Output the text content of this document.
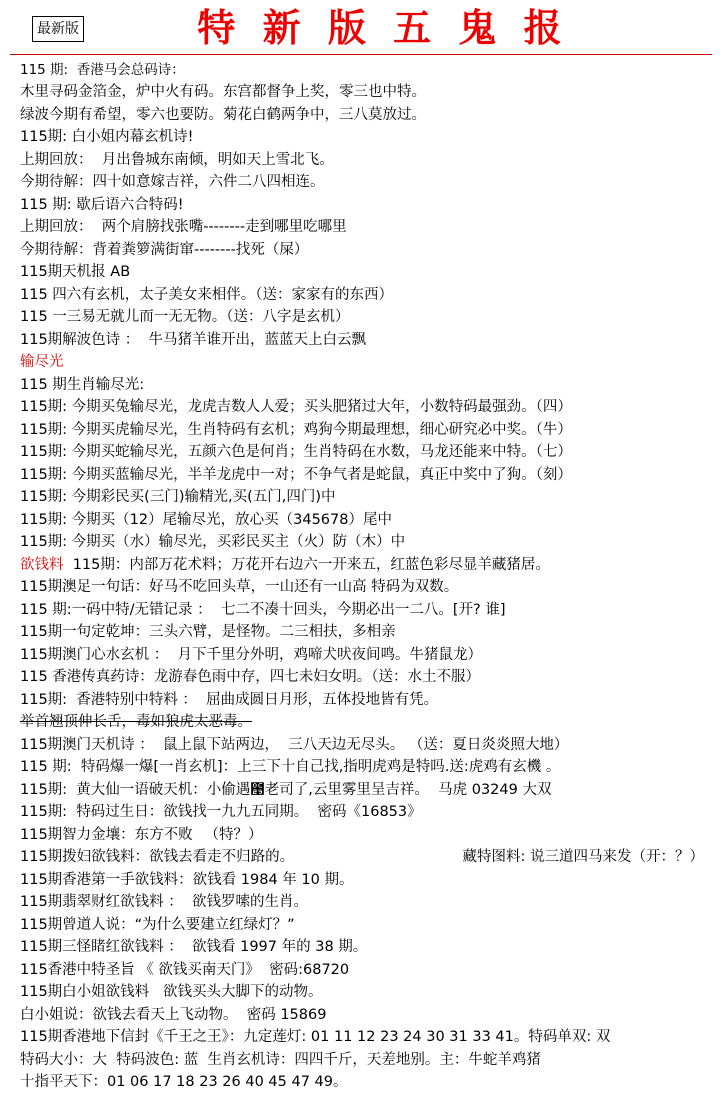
最新版	特 新 版 五 鬼 报
115 期:  香港马会总码诗：
木里寻码金箔金，炉中火有码。东宫都督争上奖，零三也中特。
绿波今期有希望，零六也要防。菊花白鹤两争中，三八莫放过。
115期: 白小姐内幕玄机诗!
上期回放：  月出鲁城东南倾，明如天上雪北飞。
今期待解：四十如意嫁吉祥，六件二八四相连。
115 期: 歇后语六合特码!
上期回放：  两个肩膀找张嘴--------走到哪里吃哪里
今期待解：背着粪箩满街窜--------找死（屎）
115期天机报 AB
115 四六有玄机，太子美女来相伴。（送：家家有的东西）
115 一三易无就儿而一无无物。（送：八字是玄机）
115期解波色诗 ：  牛马猪羊谁开出，蓝蓝天上白云飘
输尽光
115 期生肖输尽光:
115期: 今期买兔输尽光，龙虎吉数人人爱；买头肥猪过大年，小数特码最强劲。（四）
115期: 今期买虎输尽光，生肖特码有玄机；鸡狗今期最理想，细心研究必中奖。（牛）
115期: 今期买蛇输尽光，五颜六色是何肖；生肖特码在水数，马龙还能来中特。（七）
115期: 今期买蓝输尽光，半羊龙虎中一对；不争气者是蛇鼠，真正中奖中了狗。（刻）
115期: 今期彩民买(三门)输精光,买(五门,四门)中
115期: 今期买（12）尾输尽光，放心买（345678）尾中
115期: 今期买（水）输尽光，买彩民买主（火）防（木）中
欲钱料  115期：内部万花术料；万花开右边六一开来五，红蓝色彩尽显羊藏猪居。
115期澳足一句话：好马不吃回头草，一山还有一山高 特码为双数。
115 期:一码中特/无错记录 ：  七二不凑十回头，今期必出一二八。[开? 谁]
115期一句定乾坤：三头六臂，是怪物。二三相扶，多相亲
115期澳门心水玄机 ：  月下千里分外明，鸡啼犬吠夜间鸣。牛猪鼠龙）
115 香港传真药诗：龙游春色雨中存，四七未妇女明。（送：水土不服）
115期:  香港特别中特料 ：  屈曲成圆日月形，五体投地皆有凭。
举首翘顶伸长舌，毒如狼虎太恶毒。
115期澳门天机诗 ：  鼠上鼠下站两边，  三八天边无尽头。 （送：夏日炎炎照大地）
115 期:  特码爆一爆[一肖玄机]：上三下十自己找,指明虎鸡是特吗.送:虎鸡有玄機 。
115期:  黄大仙一语破天机：小偷遇఩老司了,云里雾里呈吉祥。  马虎 03249 大双
115期:  特码过生日：欲钱找一九九五同期。  密码《16853》
115期智力金壤：东方不败 　（特？）
115期拨妇欲钱料：欲钱去看走不归路的。	藏特图料: 说三道四马来发（开：？）
115期香港第一手欲钱料：欲钱看 1984 年 10 期。
115期翡翠财红欲钱料 ：  欲钱罗嗦的生肖。
115期曾道人说：“为什么要建立红绿灯？”
115期三怪睹红欲钱料 ：  欲钱看 1997 年的 38 期。
115香港中特圣旨 《 欲钱买南天门》  密码:68720
115期白小姐欲钱料   欲钱买头大脚下的动物。
白小姐说：欲钱去看天上飞动物。  密码 15869
115期香港地下信封《千王之王》：九定莲灯: 01 11 12 23 24 30 31 33 41。特码单双: 双
特码大小：大  特码波色: 蓝  生肖玄机诗：四四千斤，天差地别。主：牛蛇羊鸡猪
十指平天下：01 06 17 18 23 26 40 45 47 49。
